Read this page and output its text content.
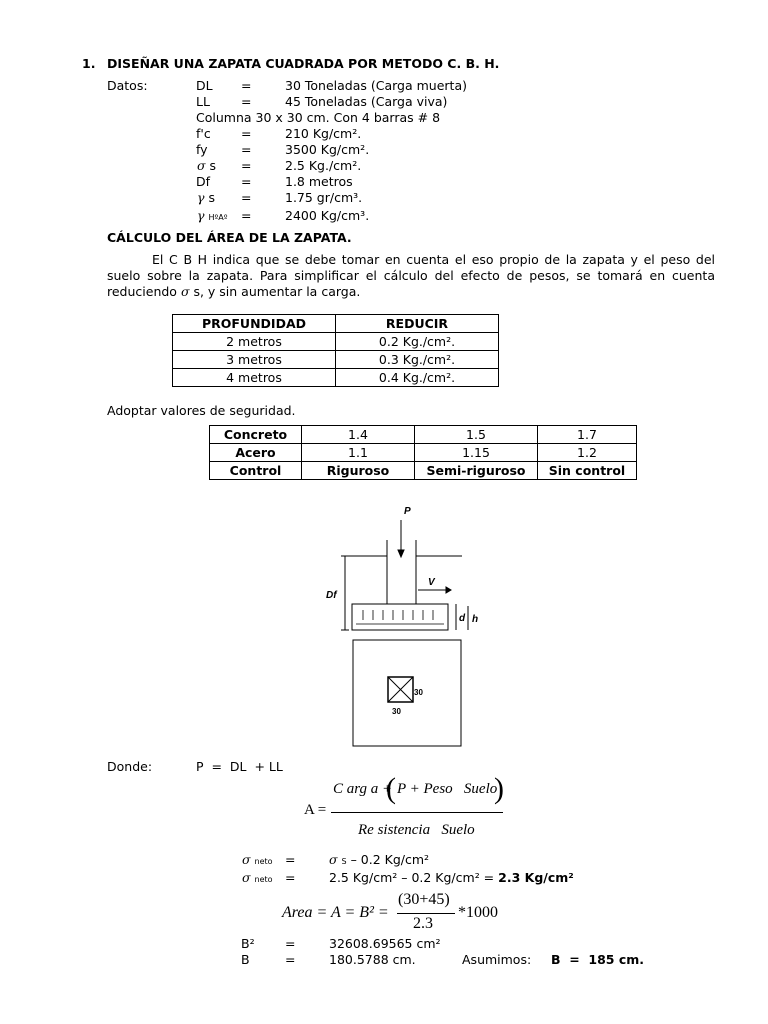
1. DISEÑAR UNA ZAPATA CUADRADA POR METODO C. B. H.
Datos:	DL =	30 Toneladas (Carga muerta)
LL =	45 Toneladas (Carga viva)
Columna 30 x 30 cm. Con 4 barras # 8
f'c =	210 Kg/cm².
fy	=	3500 Kg/cm².
σ s =	2.5 Kg./cm².
Df =	1.8 metros
γ s =	1.75 gr/cm³.
γ HºAº =	2400 Kg/cm³.
CÁLCULO DEL ÁREA DE LA ZAPATA.

El C B H indica que se debe tomar en cuenta el eso propio de la zapata y el peso del suelo sobre la zapata. Para simplificar el cálculo del efecto de pesos, se tomará en cuenta reduciendo σ s, y sin aumentar la carga.

PROFUNDIDAD	REDUCIR
2 metros	0.2 Kg./cm².
3 metros	0.3 Kg./cm².
4 metros	0.4 Kg./cm².
Adoptar valores de seguridad.
Concreto	1.4	1.5	1.7
Acero	1.1	1.15	1.2
Control	Riguroso	Semi-riguroso	Sin control
P
Df
V
d h
30
30
Donde:	P  =  DL  + LL
A =
C arg a +
( P + Peso   Suelo
)
Re sistencia   Suelo
σ neto =	σ S – 0.2 Kg/cm²
σ neto =	2.5 Kg/cm² – 0.2 Kg/cm² = 2.3 Kg/cm²
Area = A = B² =
(30+45)
2.3
*1000
B² =	32608.69565 cm²
B	=	180.5788 cm.	Asumimos: B  =  185 cm.
